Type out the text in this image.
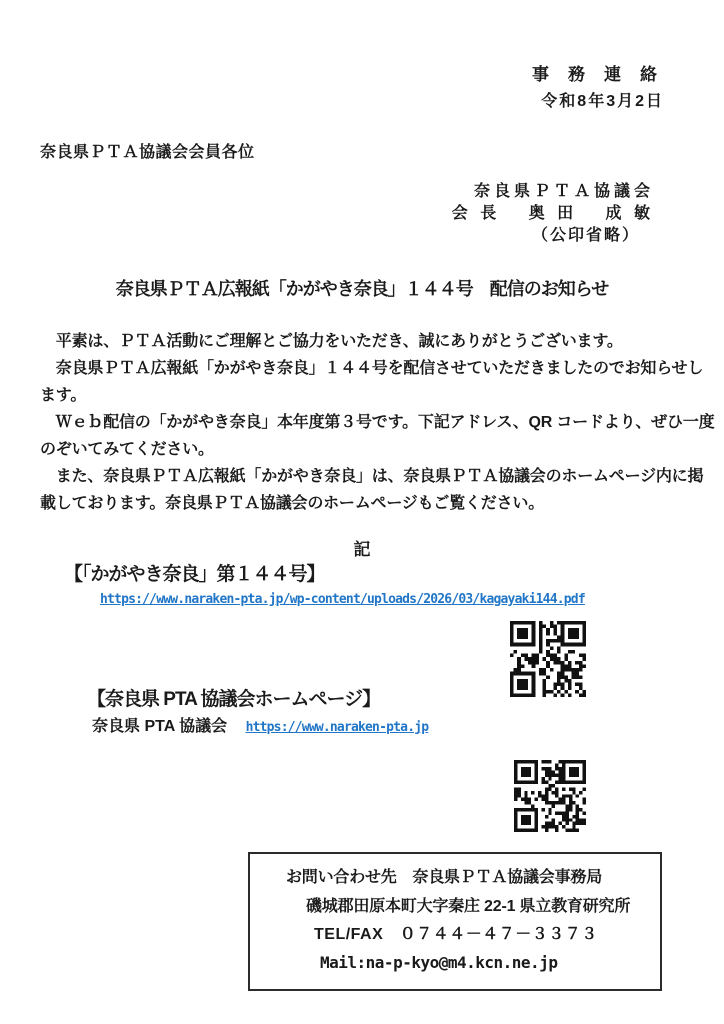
事　務　連　絡
令和8年3月2日
奈良県ＰＴＡ協議会会員各位
奈良県ＰＴＡ協議会
会 長　 奥 田　 成 敏
（公印省略）
奈良県ＰＴＡ広報紙「かがやき奈良」１４４号　配信のお知らせ
　平素は、ＰＴＡ活動にご理解とご協力をいただき、誠にありがとうございます。
　奈良県ＰＴＡ広報紙「かがやき奈良」１４４号を配信させていただきましたのでお知らせし
ます。
　Ｗｅｂ配信の「かがやき奈良」本年度第３号です。下記アドレス、QR コードより、ぜひ一度
のぞいてみてください。
　また、奈良県ＰＴＡ広報紙「かがやき奈良」は、奈良県ＰＴＡ協議会のホームページ内に掲
載しております。奈良県ＰＴＡ協議会のホームページもご覧ください。
記
【「かがやき奈良」第１４４号】
https://www.naraken-pta.jp/wp-content/uploads/2026/03/kagayaki144.pdf
【奈良県 PTA 協議会ホームページ】
奈良県 PTA 協議会 https://www.naraken-pta.jp
お問い合わせ先　奈良県ＰＴＡ協議会事務局
磯城郡田原本町大字秦庄 22-1 県立教育研究所
TEL/FAX　０７４４－４７－３３７３
Mail:na-p-kyo@m4.kcn.ne.jp
